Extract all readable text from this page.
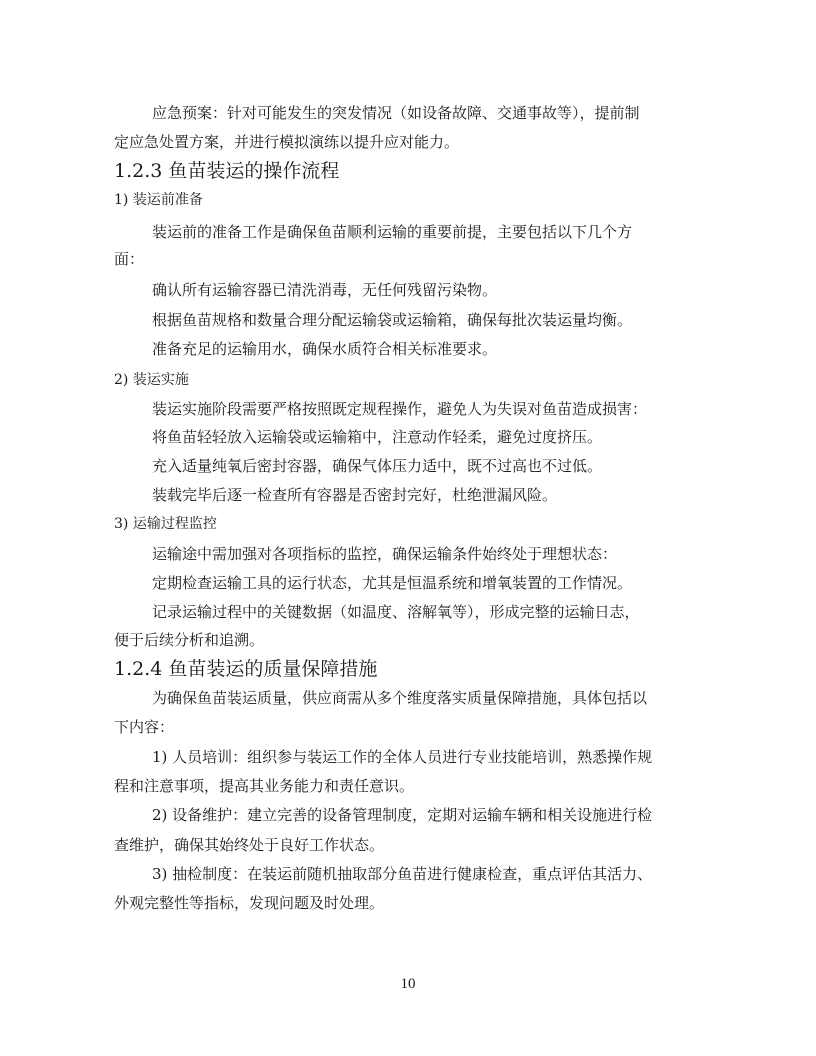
应急预案：针对可能发生的突发情况（如设备故障、交通事故等），提前制
定应急处置方案，并进行模拟演练以提升应对能力。
1.2.3 鱼苗装运的操作流程
1) 装运前准备
装运前的准备工作是确保鱼苗顺利运输的重要前提，主要包括以下几个方
面：
确认所有运输容器已清洗消毒，无任何残留污染物。
根据鱼苗规格和数量合理分配运输袋或运输箱，确保每批次装运量均衡。
准备充足的运输用水，确保水质符合相关标准要求。
2) 装运实施
装运实施阶段需要严格按照既定规程操作，避免人为失误对鱼苗造成损害：
将鱼苗轻轻放入运输袋或运输箱中，注意动作轻柔，避免过度挤压。
充入适量纯氧后密封容器，确保气体压力适中，既不过高也不过低。
装载完毕后逐一检查所有容器是否密封完好，杜绝泄漏风险。
3) 运输过程监控
运输途中需加强对各项指标的监控，确保运输条件始终处于理想状态：
定期检查运输工具的运行状态，尤其是恒温系统和增氧装置的工作情况。
记录运输过程中的关键数据（如温度、溶解氧等），形成完整的运输日志，
便于后续分析和追溯。
1.2.4 鱼苗装运的质量保障措施
为确保鱼苗装运质量，供应商需从多个维度落实质量保障措施，具体包括以
下内容：
1) 人员培训：组织参与装运工作的全体人员进行专业技能培训，熟悉操作规
程和注意事项，提高其业务能力和责任意识。
2) 设备维护：建立完善的设备管理制度，定期对运输车辆和相关设施进行检
查维护，确保其始终处于良好工作状态。
3) 抽检制度：在装运前随机抽取部分鱼苗进行健康检查，重点评估其活力、
外观完整性等指标，发现问题及时处理。
10
